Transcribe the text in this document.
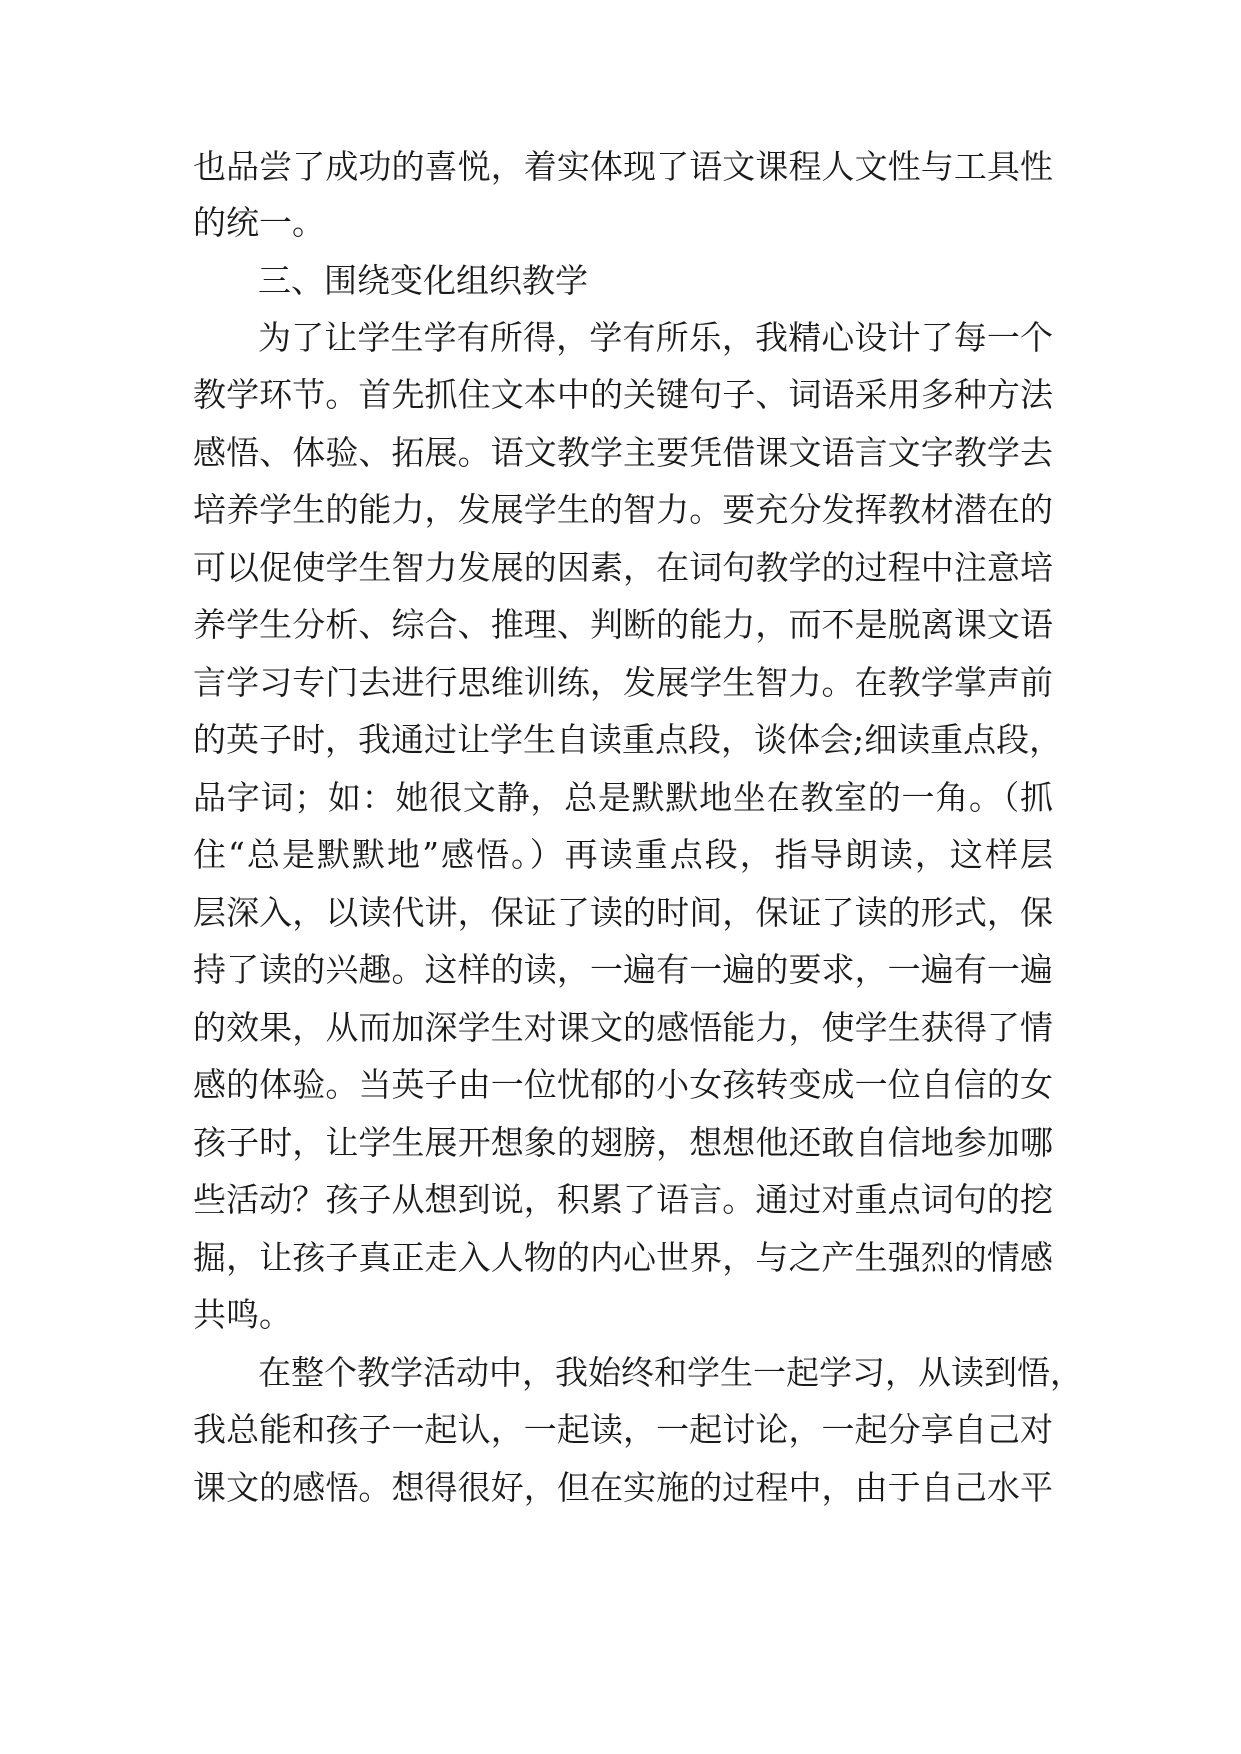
也品尝了成功的喜悦，着实体现了语文课程人文性与工具性
的统一。
三、围绕变化组织教学
为了让学生学有所得，学有所乐，我精心设计了每一个
教学环节。首先抓住文本中的关键句子、词语采用多种方法
感悟、体验、拓展。语文教学主要凭借课文语言文字教学去
培养学生的能力，发展学生的智力。要充分发挥教材潜在的
可以促使学生智力发展的因素，在词句教学的过程中注意培
养学生分析、综合、推理、判断的能力，而不是脱离课文语
言学习专门去进行思维训练，发展学生智力。在教学掌声前
的英子时，我通过让学生自读重点段，谈体会;细读重点段，
品字词；如：她很文静，总是默默地坐在教室的一角。（抓
住“总是默默地”感悟。）再读重点段，指导朗读，这样层
层深入，以读代讲，保证了读的时间，保证了读的形式，保
持了读的兴趣。这样的读，一遍有一遍的要求，一遍有一遍
的效果，从而加深学生对课文的感悟能力，使学生获得了情
感的体验。当英子由一位忧郁的小女孩转变成一位自信的女
孩子时，让学生展开想象的翅膀，想想他还敢自信地参加哪
些活动？孩子从想到说，积累了语言。通过对重点词句的挖
掘，让孩子真正走入人物的内心世界，与之产生强烈的情感
共鸣。
在整个教学活动中，我始终和学生一起学习，从读到悟，
我总能和孩子一起认，一起读，一起讨论，一起分享自己对
课文的感悟。想得很好，但在实施的过程中，由于自己水平
